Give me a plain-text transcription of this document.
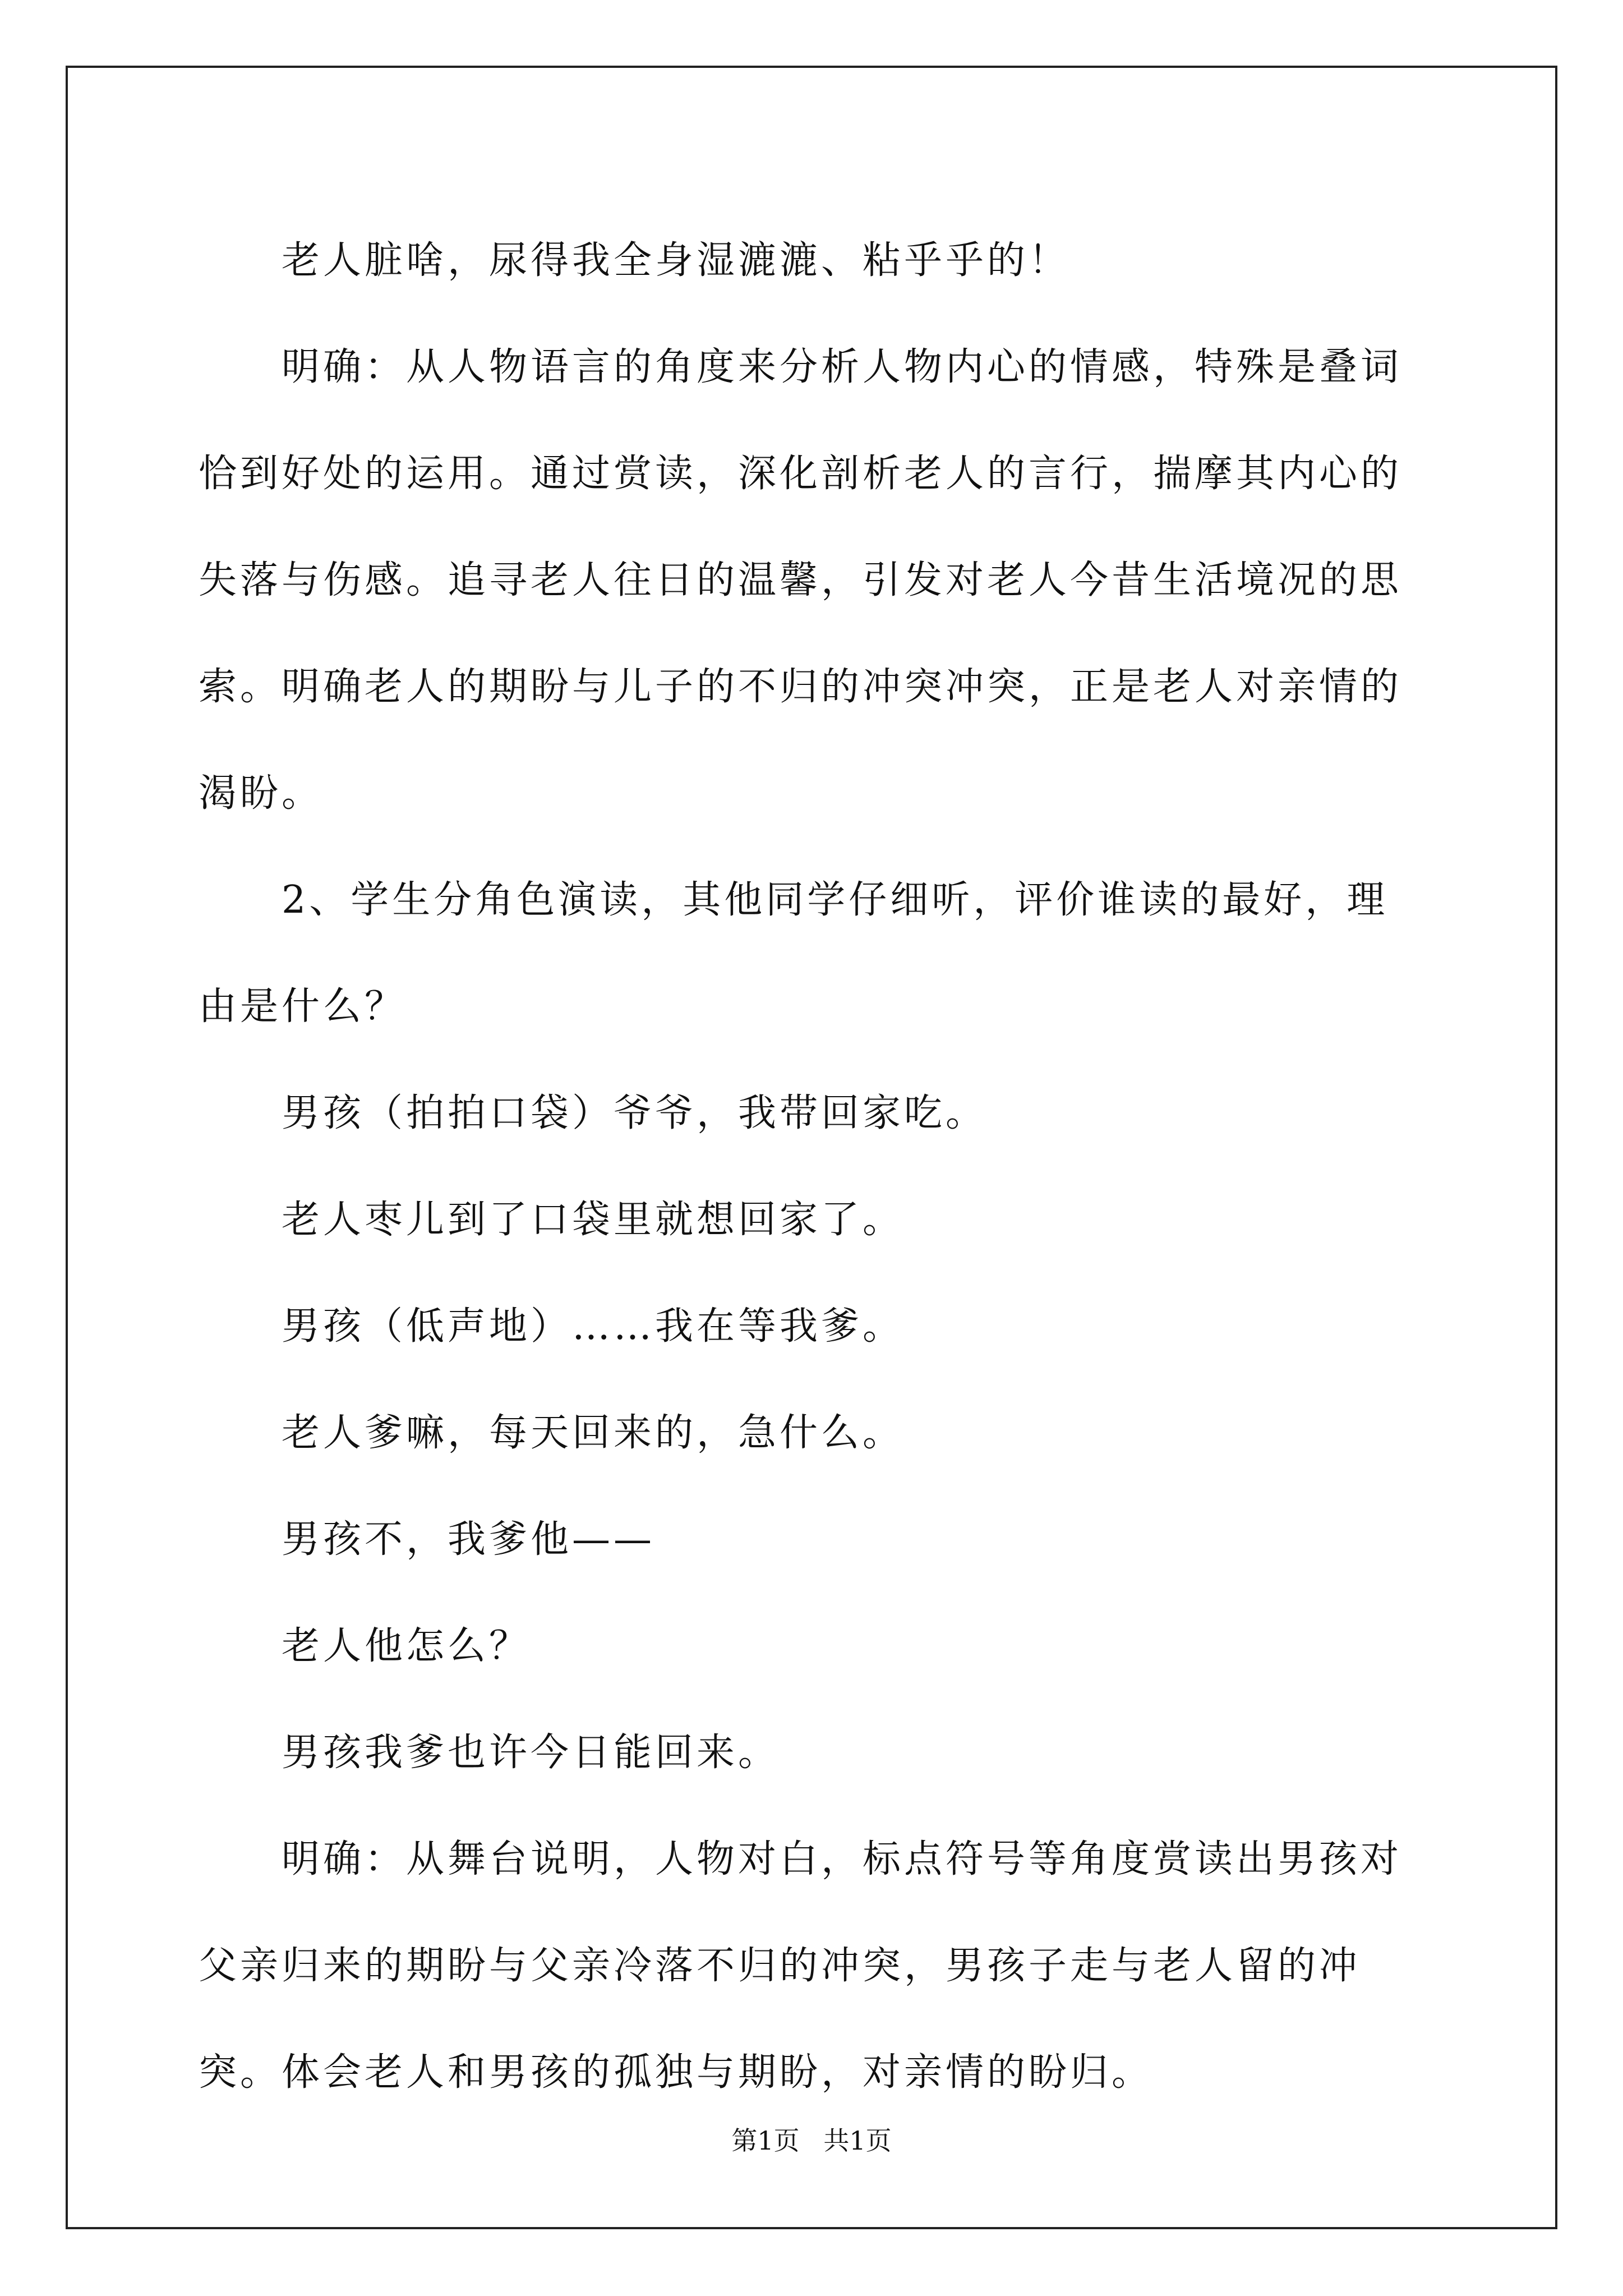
老人脏啥，尿得我全身湿漉漉、粘乎乎的！

明确：从人物语言的角度来分析人物内心的情感，特殊是叠词恰到好处的运用。通过赏读，深化剖析老人的言行，揣摩其内心的失落与伤感。追寻老人往日的温馨，引发对老人今昔生活境况的思索。明确老人的期盼与儿子的不归的冲突冲突，正是老人对亲情的渴盼。

2、学生分角色演读，其他同学仔细听，评价谁读的最好，理由是什么？

男孩（拍拍口袋）爷爷，我带回家吃。

老人枣儿到了口袋里就想回家了。

男孩（低声地）……我在等我爹。

老人爹嘛，每天回来的，急什么。

男孩不，我爹他——

老人他怎么？

男孩我爹也许今日能回来。

明确：从舞台说明，人物对白，标点符号等角度赏读出男孩对父亲归来的期盼与父亲冷落不归的冲突，男孩子走与老人留的冲突。体会老人和男孩的孤独与期盼，对亲情的盼归。

第1页 共1页
